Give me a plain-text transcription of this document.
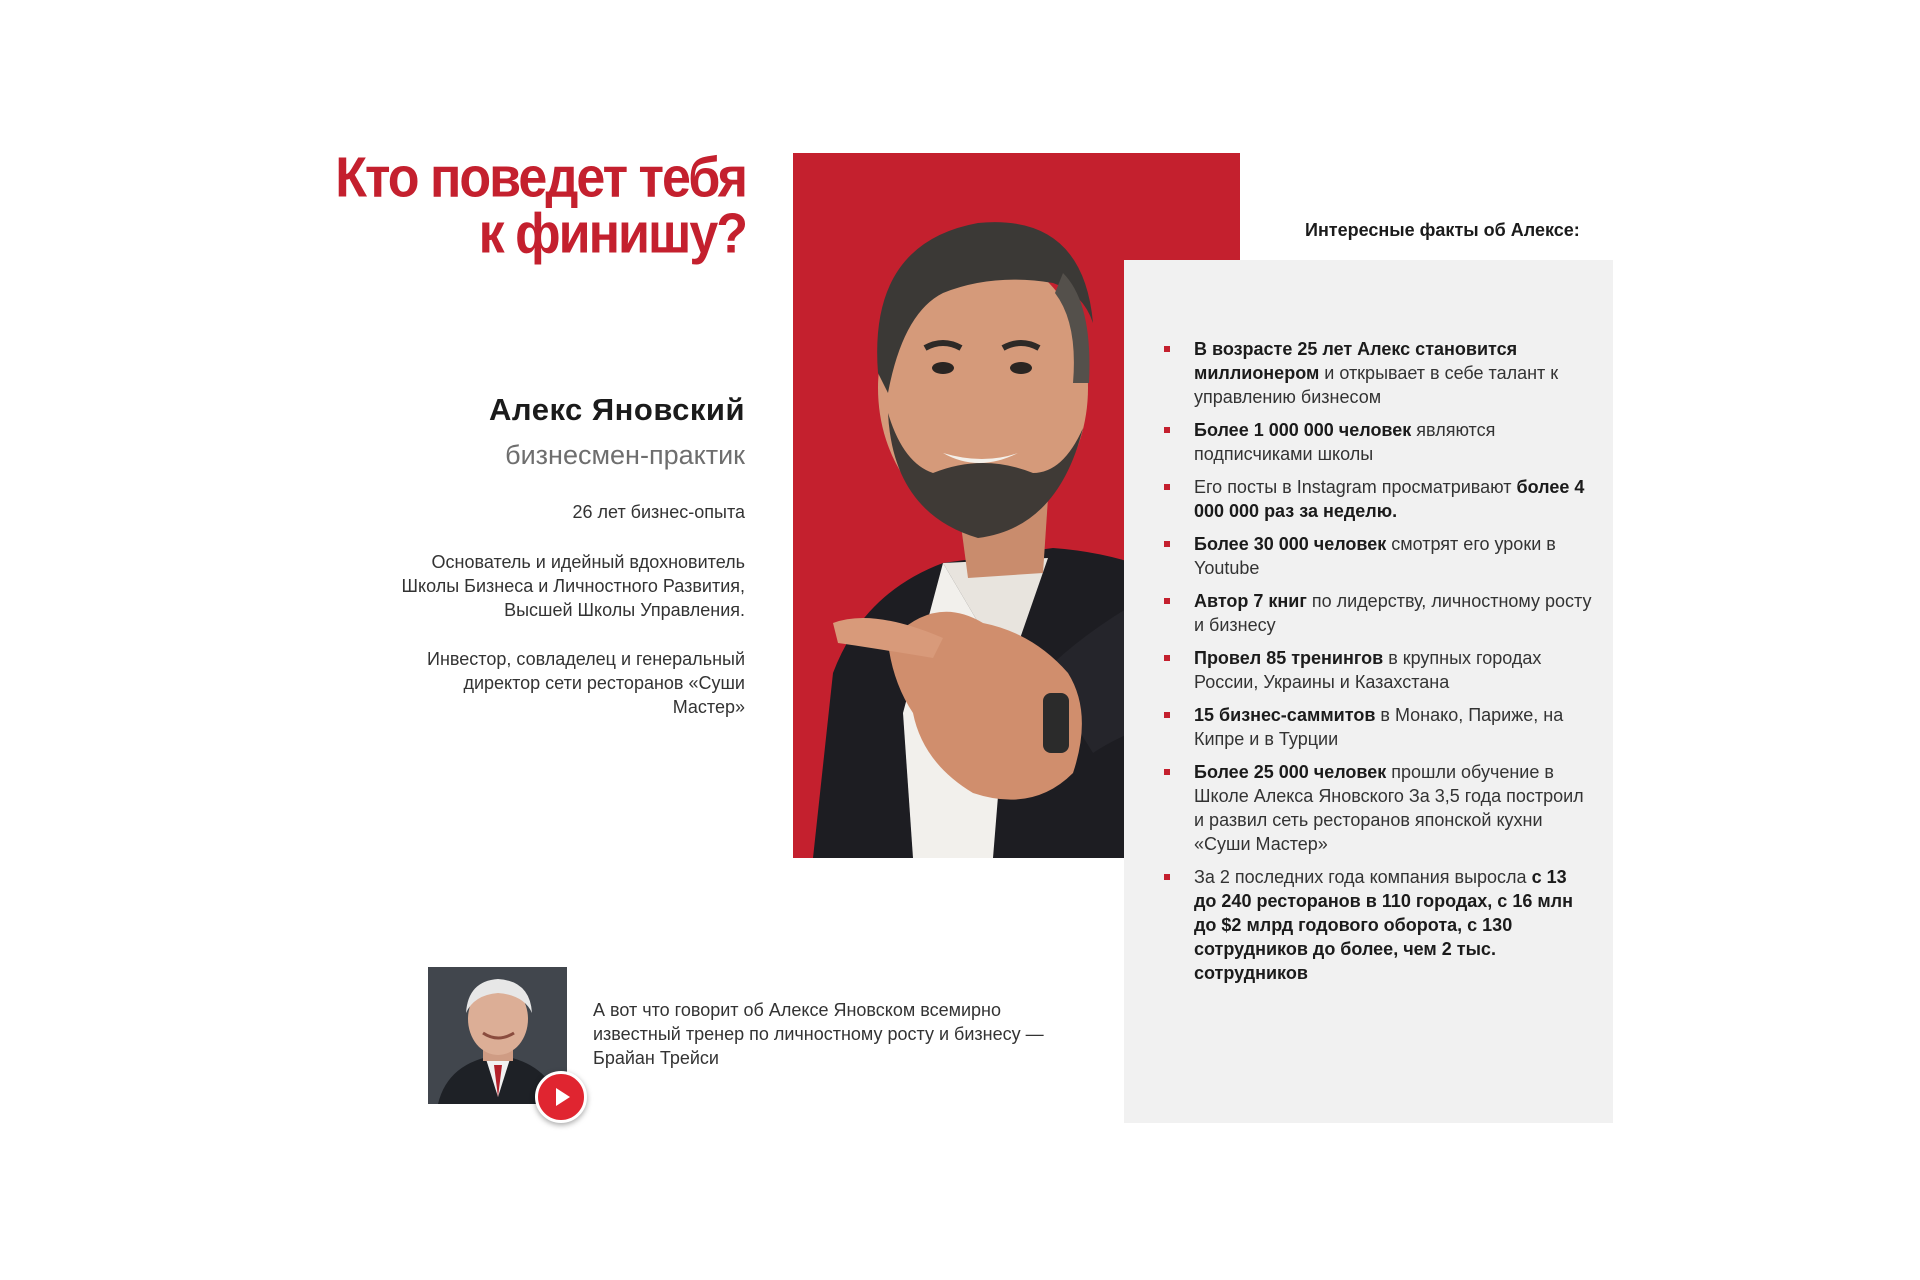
Кто поведет тебя
к финишу?
Алекс Яновский
бизнесмен-практик
26 лет бизнес-опыта
Основатель и идейный вдохновитель
Школы Бизнеса и Личностного Развития,
Высшей Школы Управления.
Инвестор, совладелец и генеральный
директор сети ресторанов «Суши
Мастер»
Интересные факты об Алексе:
В возрасте 25 лет Алекс становится миллионером и открывает в себе талант к управлению бизнесом
Более 1 000 000 человек являются подписчиками школы
Его посты в Instagram просматривают более 4 000 000 раз за неделю.
Более 30 000 человек смотрят его уроки в Youtube
Автор 7 книг по лидерству, личностному росту и бизнесу
Провел 85 тренингов в крупных городах России, Украины и Казахстана
15 бизнес-саммитов в Монако, Париже, на Кипре и в Турции
Более 25 000 человек прошли обучение в Школе Алекса Яновского За 3,5 года построил и развил сеть ресторанов японской кухни «Суши Мастер»
За 2 последних года компания выросла с 13 до 240 ресторанов в 110 городах, с 16 млн до $2 млрд годового оборота, с 130 сотрудников до более, чем 2 тыс. сотрудников
А вот что говорит об Алексе Яновском всемирно известный тренер по личностному росту и бизнесу — Брайан Трейси
